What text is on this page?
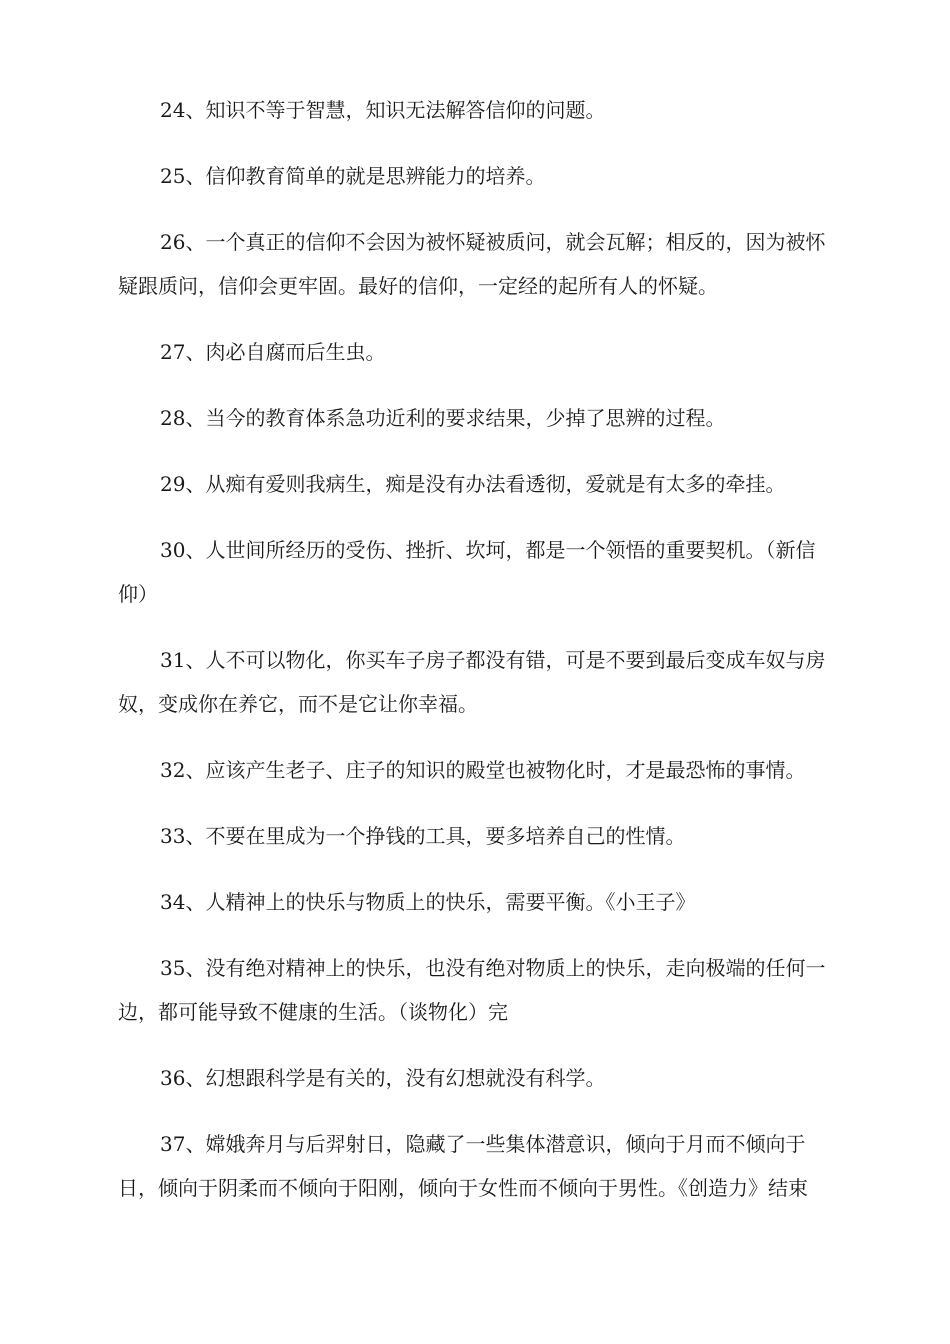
24、知识不等于智慧，知识无法解答信仰的问题。

25、信仰教育简单的就是思辨能力的培养。

26、一个真正的信仰不会因为被怀疑被质问，就会瓦解；相反的，因为被怀疑跟质问，信仰会更牢固。最好的信仰，一定经的起所有人的怀疑。

27、肉必自腐而后生虫。

28、当今的教育体系急功近利的要求结果，少掉了思辨的过程。

29、从痴有爱则我病生，痴是没有办法看透彻，爱就是有太多的牵挂。

30、人世间所经历的受伤、挫折、坎坷，都是一个领悟的重要契机。（新信仰）

31、人不可以物化，你买车子房子都没有错，可是不要到最后变成车奴与房奴，变成你在养它，而不是它让你幸福。

32、应该产生老子、庄子的知识的殿堂也被物化时，才是最恐怖的事情。

33、不要在里成为一个挣钱的工具，要多培养自己的性情。

34、人精神上的快乐与物质上的快乐，需要平衡。《小王子》

35、没有绝对精神上的快乐，也没有绝对物质上的快乐，走向极端的任何一边，都可能导致不健康的生活。（谈物化）完

36、幻想跟科学是有关的，没有幻想就没有科学。

37、嫦娥奔月与后羿射日，隐藏了一些集体潜意识，倾向于月而不倾向于日，倾向于阴柔而不倾向于阳刚，倾向于女性而不倾向于男性。《创造力》结束
